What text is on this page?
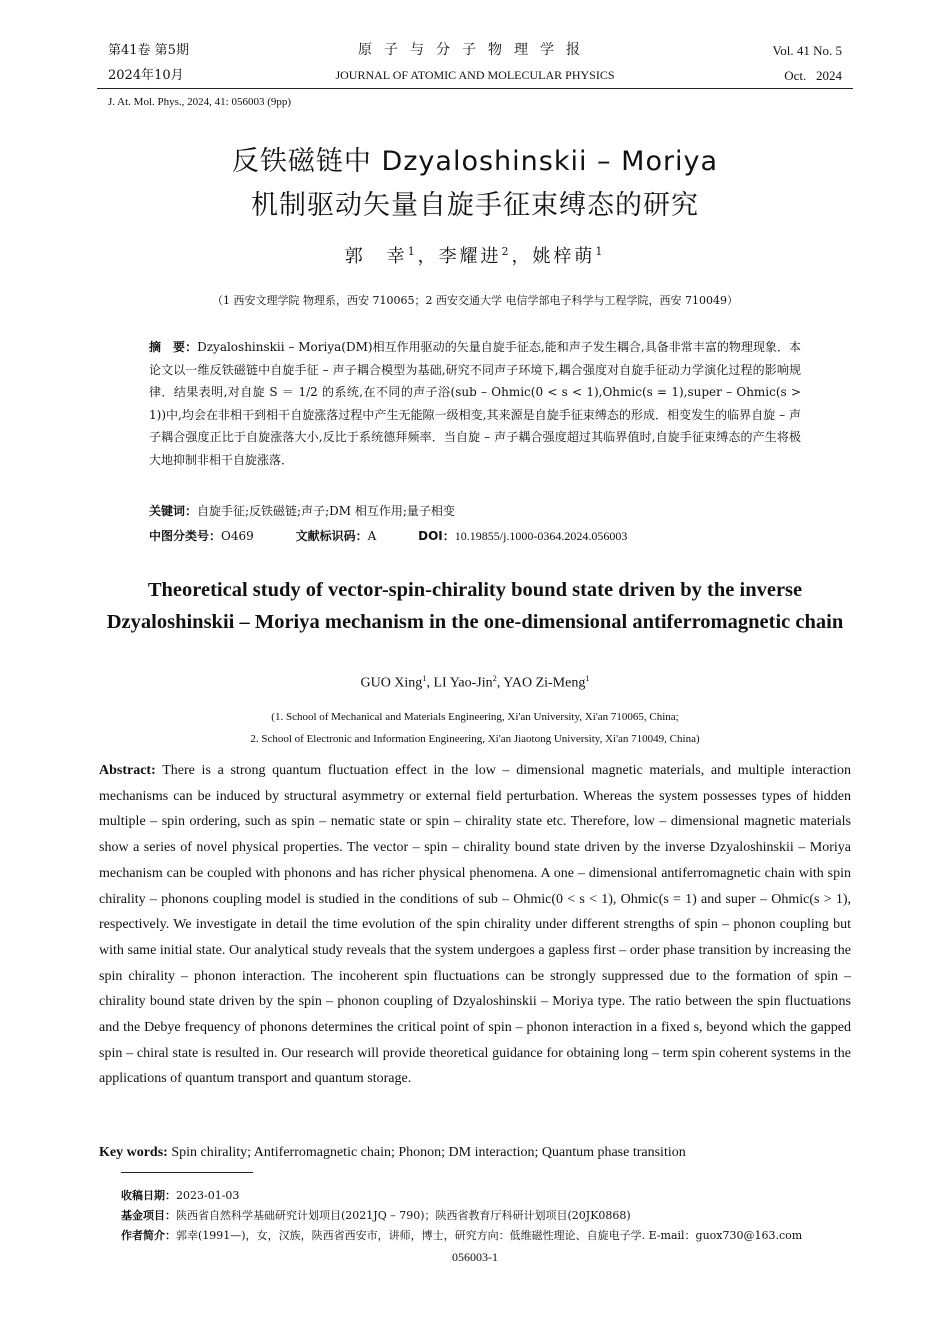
第41卷 第5期
2024年10月
原子与分子物理学报
JOURNAL OF ATOMIC AND MOLECULAR PHYSICS
Vol. 41 No. 5
Oct.   2024
J. At. Mol. Phys., 2024, 41: 056003 (9pp)
反铁磁链中 Dzyaloshinskii – Moriya
机制驱动矢量自旋手征束缚态的研究
郭　幸$^1$，李耀进$^2$，姚梓萌$^1$
（1 西安文理学院 物理系，西安 710065；2 西安交通大学 电信学部电子科学与工程学院，西安 710049）
摘　要：Dzyaloshinskii – Moriya(DM)相互作用驱动的矢量自旋手征态,能和声子发生耦合,具备非常丰富的物理现象．本论文以一维反铁磁链中自旋手征 – 声子耦合模型为基础,研究不同声子环境下,耦合强度对自旋手征动力学演化过程的影响规律．结果表明,对自旋 S ＝ 1/2 的系统,在不同的声子浴(sub – Ohmic(0 < s < 1),Ohmic(s = 1),super – Ohmic(s > 1))中,均会在非相干到相干自旋涨落过程中产生无能隙一级相变,其来源是自旋手征束缚态的形成．相变发生的临界自旋 – 声子耦合强度正比于自旋涨落大小,反比于系统德拜频率．当自旋 – 声子耦合强度超过其临界值时,自旋手征束缚态的产生将极大地抑制非相干自旋涨落．
关键词：自旋手征;反铁磁链;声子;DM 相互作用;量子相变
中图分类号：O469	文献标识码：A	DOI：10.19855/j.1000-0364.2024.056003
Theoretical study of vector-spin-chirality bound state driven by the inverse
Dzyaloshinskii – Moriya mechanism in the one-dimensional antiferromagnetic chain
GUO Xing$^1$, LI Yao-Jin$^2$, YAO Zi-Meng$^1$
(1. School of Mechanical and Materials Engineering, Xi'an University, Xi'an 710065, China;
2. School of Electronic and Information Engineering, Xi'an Jiaotong University, Xi'an 710049, China)
Abstract: There is a strong quantum fluctuation effect in the low – dimensional magnetic materials, and multiple interaction mechanisms can be induced by structural asymmetry or external field perturbation. Whereas the system possesses types of hidden multiple – spin ordering, such as spin – nematic state or spin – chirality state etc. Therefore, low – dimensional magnetic materials show a series of novel physical properties. The vector – spin – chirality bound state driven by the inverse Dzyaloshinskii – Moriya mechanism can be coupled with phonons and has richer physical phenomena. A one – dimensional antiferromagnetic chain with spin chirality – phonons coupling model is studied in the conditions of sub – Ohmic(0 < s < 1), Ohmic(s = 1) and super – Ohmic(s > 1), respectively. We investigate in detail the time evolution of the spin chirality under different strengths of spin – phonon coupling but with same initial state. Our analytical study reveals that the system undergoes a gapless first – order phase transition by increasing the spin chirality – phonon interaction. The incoherent spin fluctuations can be strongly suppressed due to the formation of spin – chirality bound state driven by the spin – phonon coupling of Dzyaloshinskii – Moriya type. The ratio between the spin fluctuations and the Debye frequency of phonons determines the critical point of spin – phonon interaction in a fixed s, beyond which the gapped spin – chiral state is resulted in. Our research will provide theoretical guidance for obtaining long – term spin coherent systems in the applications of quantum transport and quantum storage.
Key words: Spin chirality; Antiferromagnetic chain; Phonon; DM interaction; Quantum phase transition
收稿日期：2023-01-03
基金项目：陕西省自然科学基础研究计划项目(2021JQ – 790)；陕西省教育厅科研计划项目(20JK0868)
作者简介：郭幸(1991—)，女，汉族，陕西省西安市，讲师，博士，研究方向：低维磁性理论、自旋电子学. E-mail：guox730@163.com
056003-1
